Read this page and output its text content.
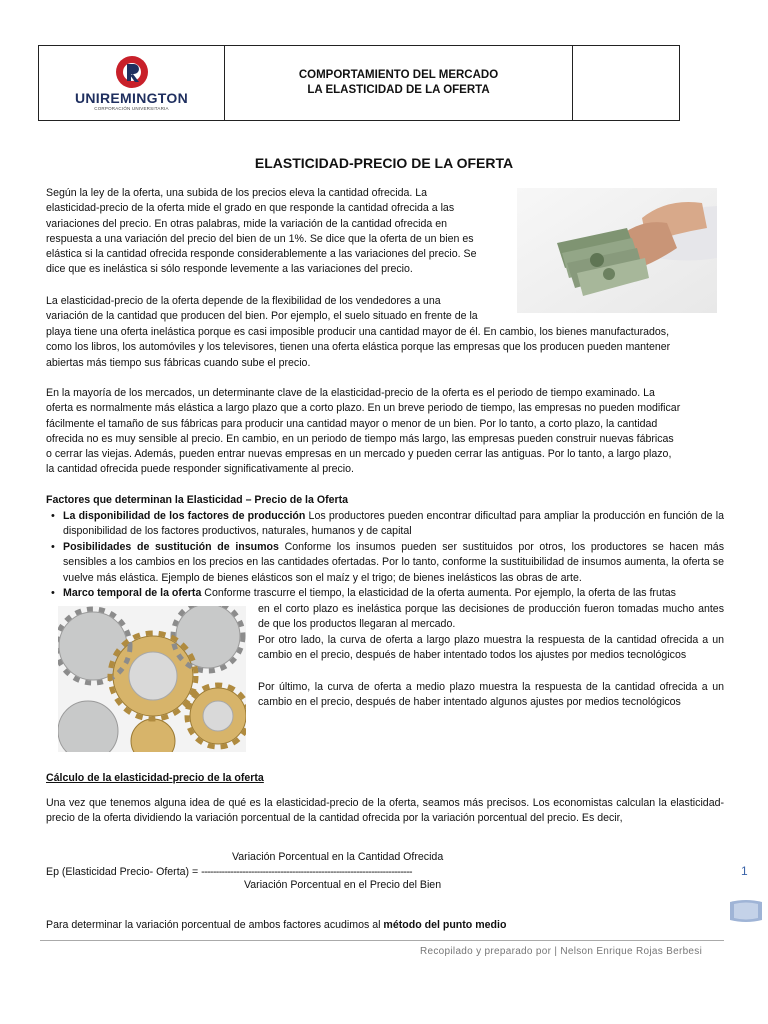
UNIREMINGTON
CORPORACIÓN UNIVERSITARIA
COMPORTAMIENTO DEL MERCADO
LA ELASTICIDAD DE LA OFERTA
ELASTICIDAD-PRECIO DE LA OFERTA
Según la ley de la oferta, una subida de los precios eleva la cantidad ofrecida. La
elasticidad-precio de la oferta mide el grado en que responde la cantidad ofrecida a las
variaciones del precio. En otras palabras, mide la variación de la cantidad ofrecida en
respuesta a una variación del precio del bien de un 1%. Se dice que la oferta de un bien es
elástica si la cantidad ofrecida responde considerablemente a las variaciones del precio. Se
dice que es inelástica si sólo responde levemente a las variaciones del precio.
La elasticidad-precio de la oferta depende de la flexibilidad de los vendedores a una
variación de la cantidad que producen del bien. Por ejemplo, el suelo situado en frente de la
playa tiene una oferta inelástica porque es casi imposible producir una cantidad mayor de él. En cambio, los bienes manufacturados,
como los libros, los automóviles y los televisores, tienen una oferta elástica porque las empresas que los producen pueden mantener
abiertas más tiempo sus fábricas cuando sube el precio.
En la mayoría de los mercados, un determinante clave de la elasticidad-precio de la oferta es el periodo de tiempo examinado. La
oferta es normalmente más elástica a largo plazo que a corto plazo. En un breve periodo de tiempo, las empresas no pueden modificar
fácilmente el tamaño de sus fábricas para producir una cantidad mayor o menor de un bien. Por lo tanto, a corto plazo, la cantidad
ofrecida no es muy sensible al precio. En cambio, en un periodo de tiempo más largo, las empresas pueden construir nuevas fábricas
o cerrar las viejas. Además, pueden entrar nuevas empresas en un mercado y pueden cerrar las antiguas. Por lo tanto, a largo plazo,
la cantidad ofrecida puede responder significativamente al precio.
Factores que determinan la Elasticidad – Precio de la Oferta
• La disponibilidad de los factores de producción Los productores pueden encontrar dificultad para ampliar la producción en función de la disponibilidad de los factores productivos, naturales, humanos y de capital
• Posibilidades de sustitución de insumos Conforme los insumos pueden ser sustituidos por otros, los productores se hacen más sensibles a los cambios en los precios en las cantidades ofertadas. Por lo tanto, conforme la sustituibilidad de insumos aumenta, la oferta se vuelve más elástica. Ejemplo de bienes elásticos son el maíz y el trigo; de bienes inelásticos las obras de arte.
• Marco temporal de la oferta Conforme trascurre el tiempo, la elasticidad de la oferta aumenta. Por ejemplo, la oferta de las frutas
en el corto plazo es inelástica porque las decisiones de producción fueron tomadas mucho antes de que los productos llegaran al mercado.
Por otro lado, la curva de oferta a largo plazo muestra la respuesta de la cantidad ofrecida a un cambio en el precio, después de haber intentado todos los ajustes por medios tecnológicos
Por último, la curva de oferta a medio plazo muestra la respuesta de la cantidad ofrecida a un cambio en el precio, después de haber intentado algunos ajustes por medios tecnológicos
Cálculo de la elasticidad-precio de la oferta
Una vez que tenemos alguna idea de qué es la elasticidad-precio de la oferta, seamos más precisos. Los economistas calculan la elasticidad-precio de la oferta dividiendo la variación porcentual de la cantidad ofrecida por la variación porcentual del precio. Es decir,
Variación Porcentual en la Cantidad Ofrecida
Ep (Elasticidad Precio- Oferta) = ------------------------------------------------------------------------
Variación Porcentual en el Precio del Bien
1
Para determinar la variación porcentual de ambos factores acudimos al método del punto medio
Recopilado y preparado por | Nelson Enrique Rojas Berbesi
